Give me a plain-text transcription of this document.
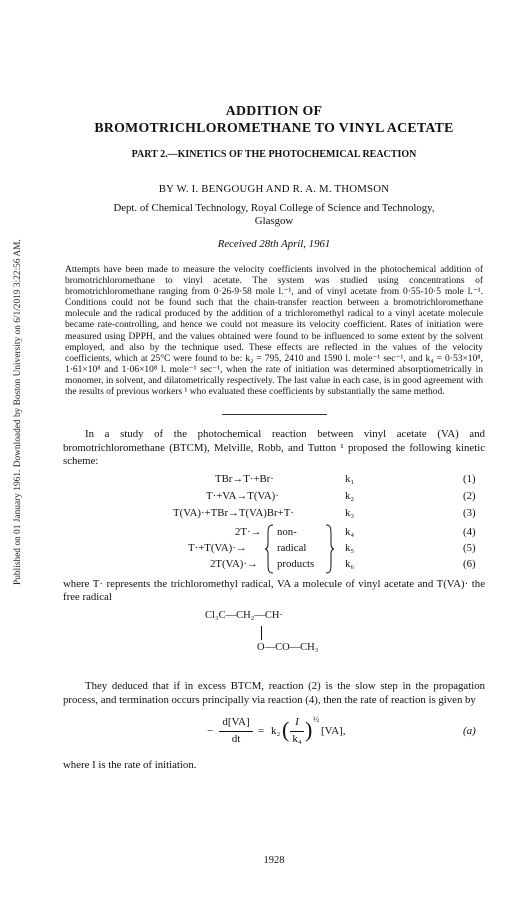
Published on 01 January 1961. Downloaded by Boston University on 6/1/2019 3:22:56 AM.
ADDITION OF
BROMOTRICHLOROMETHANE TO VINYL ACETATE
PART 2.—KINETICS OF THE PHOTOCHEMICAL REACTION
BY W. I. BENGOUGH AND R. A. M. THOMSON
Dept. of Chemical Technology, Royal College of Science and Technology,
Glasgow
Received 28th April, 1961

Attempts have been made to measure the velocity coefficients involved in the photochemical addition of bromotrichloromethane to vinyl acetate. The system was studied using concentrations of bromotrichloromethane ranging from 0·26-9·58 mole l.⁻¹, and of vinyl acetate from 0·55-10·5 mole l.⁻¹. Conditions could not be found such that the chain-transfer reaction between a bromotrichloromethane molecule and the radical produced by the addition of a trichloromethyl radical to a vinyl acetate molecule became rate-controlling, and hence we could not measure its velocity coefficient. Rates of initiation were measured using DPPH, and the values obtained were found to be influenced to some extent by the solvent employed, and also by the technique used. These effects are reflected in the values of the velocity coefficients, which at 25°C were found to be: k₂ = 795, 2410 and 1590 l. mole⁻¹ sec⁻¹, and k₄ = 0·53×10⁸, 1·61×10⁸ and 1·06×10⁸ l. mole⁻¹ sec⁻¹, when the rate of initiation was determined absorptiometrically in monomer, in solvent, and dilatometrically respectively. The last value in each case, is in good agreement with the results of previous workers ¹ who evaluated these coefficients by substantially the same method.

In a study of the photochemical reaction between vinyl acetate (VA) and bromotrichloromethane (BTCM), Melville, Robb, and Tutton ¹ proposed the following kinetic scheme:

TBr→T·+Br·	k₁	(1)
T·+VA→T(VA)·	k₂	(2)
T(VA)·+TBr→T(VA)Br+T·	k₃	(3)
2T·→	k₄	(4)
T·+T(VA)·→	k₅	(5)
2T(VA)·→	k₆	(6)
non-
radical
products

where T· represents the trichloromethyl radical, VA a molecule of vinyl acetate and T(VA)· the free radical

Cl₃C—CH₂—CH·
O—CO—CH₃

They deduced that if in excess BTCM, reaction (2) is the slow step in the propagation process, and termination occurs principally via reaction (4), then the rate of reaction is given by

−
d[VA]
dt
= k₂ ( I
k₄ ) ½
[VA],	(a)

where I is the rate of initiation.

1928
